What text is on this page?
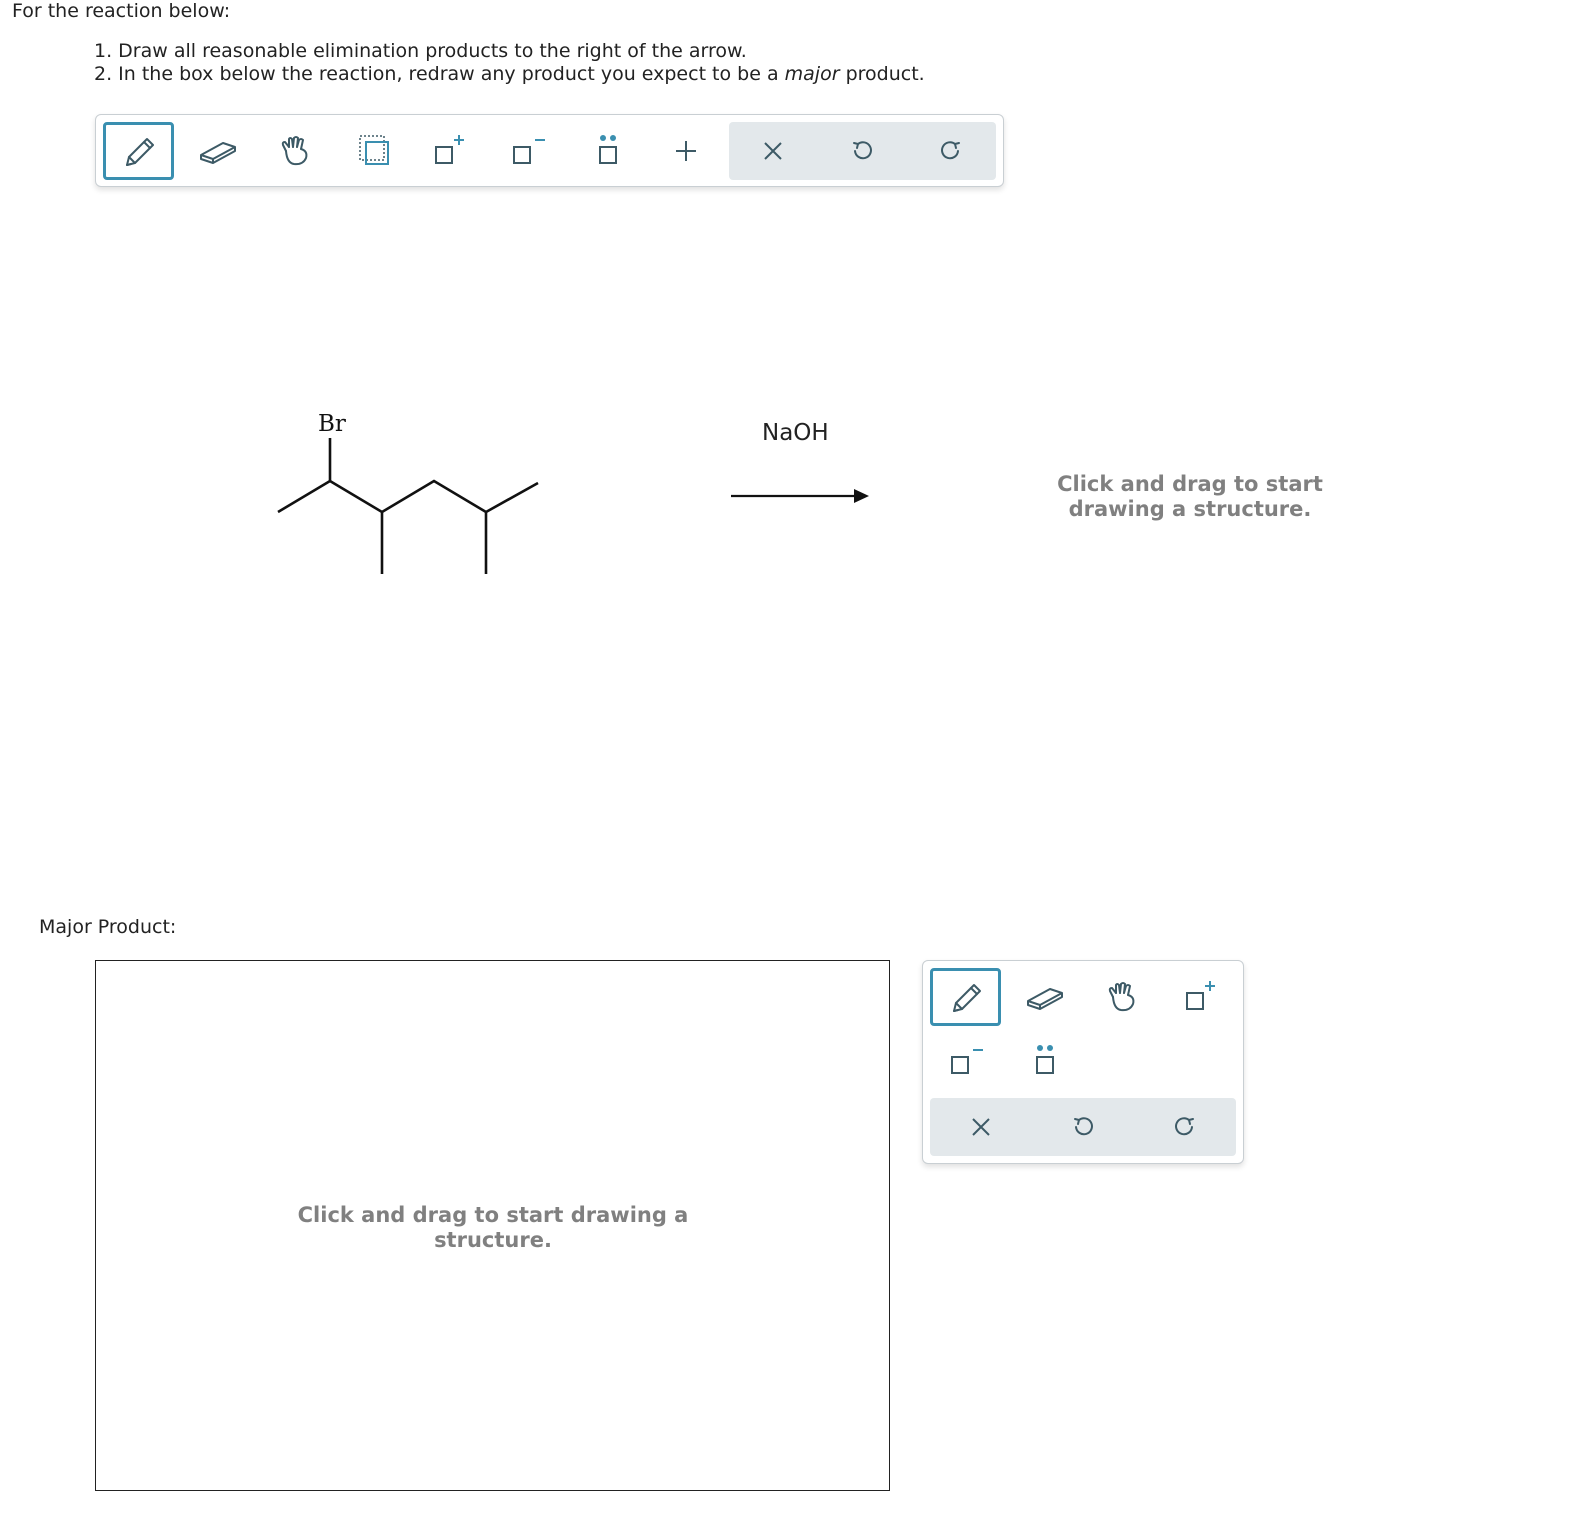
For the reaction below:
1. Draw all reasonable elimination products to the right of the arrow.
2. In the box below the reaction, redraw any product you expect to be a major product.
Br	NaOH
Click and drag to start drawing a structure.
Major Product:
Click and drag to start drawing a structure.
